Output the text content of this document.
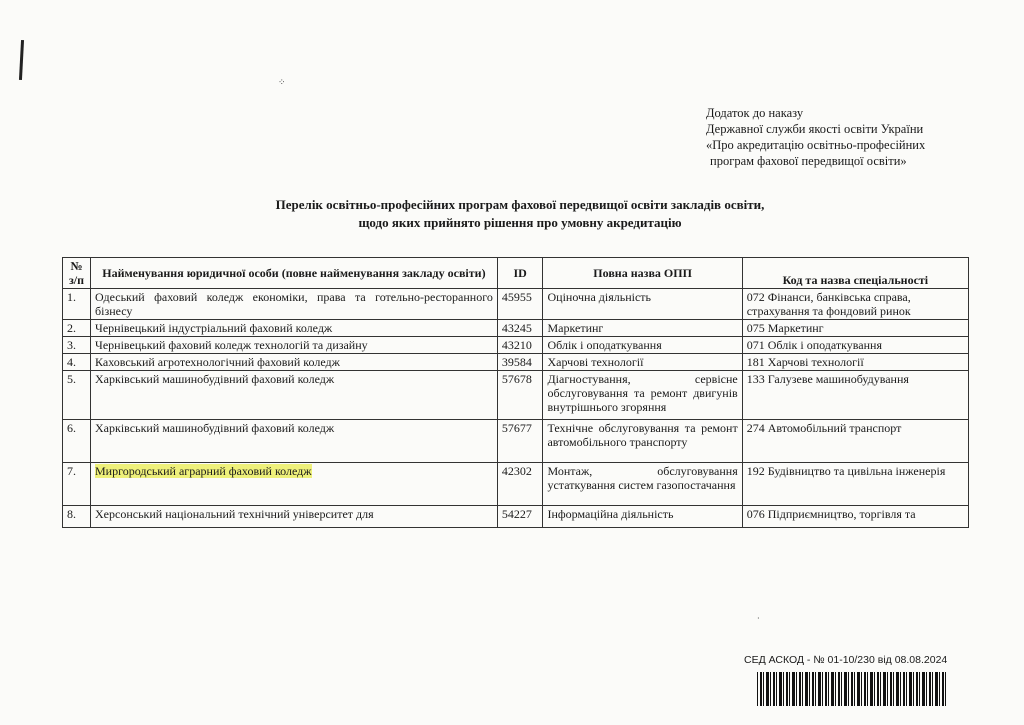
⁘
Додаток до наказу
Державної служби якості освіти України
«Про акредитацію освітньо-професійних
програм фахової передвищої освіти»
Перелік освітньо-професійних програм фахової передвищої освіти закладів освіти,
щодо яких прийнято рішення про умовну акредитацію
№ з/п	Найменування юридичної особи (повне найменування закладу освіти)	ID	Повна назва ОПП	Код та назва спеціальності
1.	Одеський фаховий коледж економіки, права та готельно-ресторанного бізнесу	45955	Оціночна діяльність	072 Фінанси, банківська справа, страхування та фондовий ринок
2.	Чернівецький індустріальний фаховий коледж	43245	Маркетинг	075 Маркетинг
3.	Чернівецький фаховий коледж технологій та дизайну	43210	Облік і оподаткування	071 Облік і оподаткування
4.	Каховський агротехнологічний фаховий коледж	39584	Харчові технології	181 Харчові технології
5.	Харківський машинобудівний фаховий коледж	57678	Діагностування, сервісне обслуговування та ремонт двигунів внутрішнього згоряння	133 Галузеве машинобудування
6.	Харківський машинобудівний фаховий коледж	57677	Технічне обслуговування та ремонт автомобільного транспорту	274 Автомобільний транспорт
7.	Миргородський аграрний фаховий коледж	42302	Монтаж, обслуговування устаткування систем газопостачання	192 Будівництво та цивільна інженерія
8.	Херсонський національний технічний університет для	54227	Інформаційна діяльність	076 Підприємництво, торгівля та
·
СЕД АСКОД - № 01-10/230 від 08.08.2024
